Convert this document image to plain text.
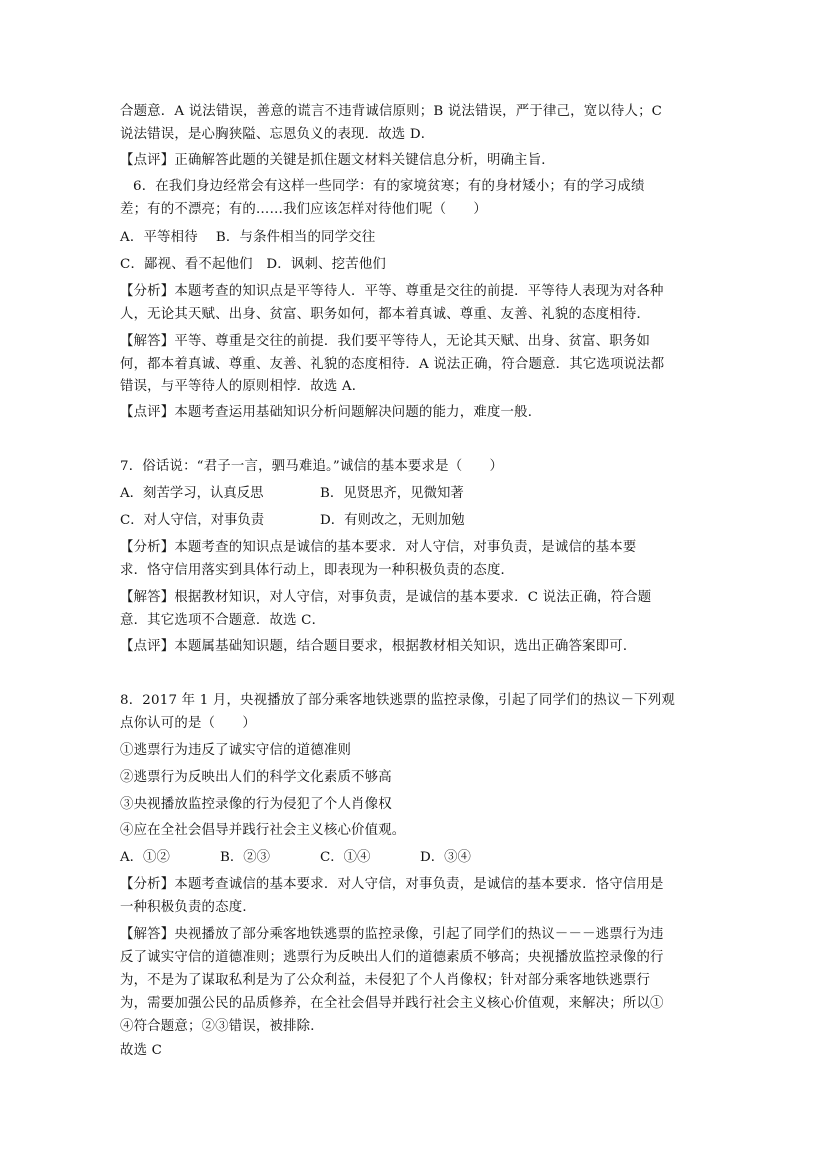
合题意．A 说法错误，善意的谎言不违背诚信原则；B 说法错误，严于律己，宽以待人；C
说法错误，是心胸狭隘、忘恩负义的表现．故选 D．
【点评】正确解答此题的关键是抓住题文材料关键信息分析，明确主旨．
6．在我们身边经常会有这样一些同学：有的家境贫寒；有的身材矮小；有的学习成绩
差；有的不漂亮；有的……我们应该怎样对待他们呢（　　）
A．平等相待　 B．与条件相当的同学交往
C．鄙视、看不起他们　D．讽刺、挖苦他们
【分析】本题考查的知识点是平等待人．平等、尊重是交往的前提．平等待人表现为对各种
人，无论其天赋、出身、贫富、职务如何，都本着真诚、尊重、友善、礼貌的态度相待．
【解答】平等、尊重是交往的前提．我们要平等待人，无论其天赋、出身、贫富、职务如
何，都本着真诚、尊重、友善、礼貌的态度相待．A 说法正确，符合题意．其它选项说法都
错误，与平等待人的原则相悖．故选 A．
【点评】本题考查运用基础知识分析问题解决问题的能力，难度一般．
7．俗话说：“君子一言，驷马难追。”诚信的基本要求是（　　）
A．刻苦学习，认真反思	B．见贤思齐，见微知著
C．对人守信，对事负责	D．有则改之，无则加勉
【分析】本题考查的知识点是诚信的基本要求．对人守信，对事负责，是诚信的基本要
求．恪守信用落实到具体行动上，即表现为一种积极负责的态度．
【解答】根据教材知识，对人守信，对事负责，是诚信的基本要求．C 说法正确，符合题
意．其它选项不合题意．故选 C．
【点评】本题属基础知识题，结合题目要求，根据教材相关知识，选出正确答案即可．
8．2017 年 1 月，央视播放了部分乘客地铁逃票的监控录像，引起了同学们的热议－下列观
点你认可的是（　　）
①逃票行为违反了诚实守信的道德准则
②逃票行为反映出人们的科学文化素质不够高
③央视播放监控录像的行为侵犯了个人肖像权
④应在全社会倡导并践行社会主义核心价值观。
A．①②	B．②③	C．①④	D．③④
【分析】本题考查诚信的基本要求．对人守信，对事负责，是诚信的基本要求．恪守信用是
一种积极负责的态度．
【解答】央视播放了部分乘客地铁逃票的监控录像，引起了同学们的热议－－－逃票行为违
反了诚实守信的道德准则；逃票行为反映出人们的道德素质不够高；央视播放监控录像的行
为，不是为了谋取私利是为了公众利益，未侵犯了个人肖像权；针对部分乘客地铁逃票行
为，需要加强公民的品质修养，在全社会倡导并践行社会主义核心价值观，来解决；所以①
④符合题意；②③错误，被排除．
故选 C
